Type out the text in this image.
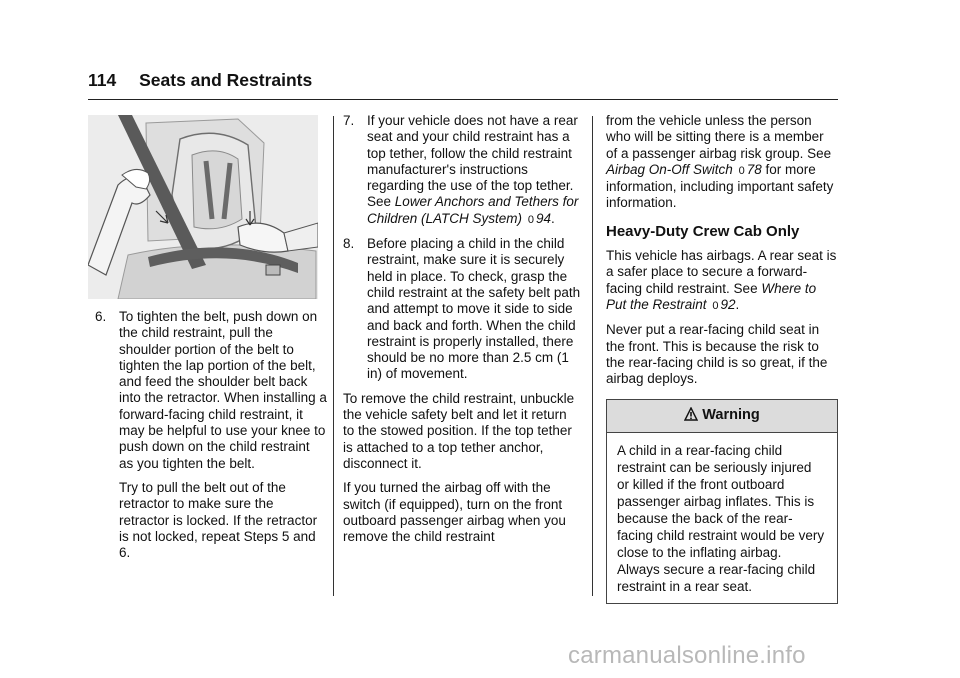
114 Seats and Restraints
6. To tighten the belt, push down on the child restraint, pull the shoulder portion of the belt to tighten the lap portion of the belt, and feed the shoulder belt back into the retractor. When installing a forward-facing child restraint, it may be helpful to use your knee to push down on the child restraint as you tighten the belt.
Try to pull the belt out of the retractor to make sure the retractor is locked. If the retractor is not locked, repeat Steps 5 and 6.
7. If your vehicle does not have a rear seat and your child restraint has a top tether, follow the child restraint manufacturer's instructions regarding the use of the top tether. See Lower Anchors and Tethers for Children (LATCH System) 0 94.
8. Before placing a child in the child restraint, make sure it is securely held in place. To check, grasp the child restraint at the safety belt path and attempt to move it side to side and back and forth. When the child restraint is properly installed, there should be no more than 2.5 cm (1 in) of movement.

To remove the child restraint, unbuckle the vehicle safety belt and let it return to the stowed position. If the top tether is attached to a top tether anchor, disconnect it.

If you turned the airbag off with the switch (if equipped), turn on the front outboard passenger airbag when you remove the child restraint

from the vehicle unless the person who will be sitting there is a member of a passenger airbag risk group. See Airbag On-Off Switch 0 78 for more information, including important safety information.

Heavy-Duty Crew Cab Only

This vehicle has airbags. A rear seat is a safer place to secure a forward-facing child restraint. See Where to Put the Restraint 0 92.

Never put a rear-facing child seat in the front. This is because the risk to the rear-facing child is so great, if the airbag deploys.

Warning
A child in a rear-facing child restraint can be seriously injured or killed if the front outboard passenger airbag inflates. This is because the back of the rear-facing child restraint would be very close to the inflating airbag. Always secure a rear-facing child restraint in a rear seat.
carmanualsonline.info
